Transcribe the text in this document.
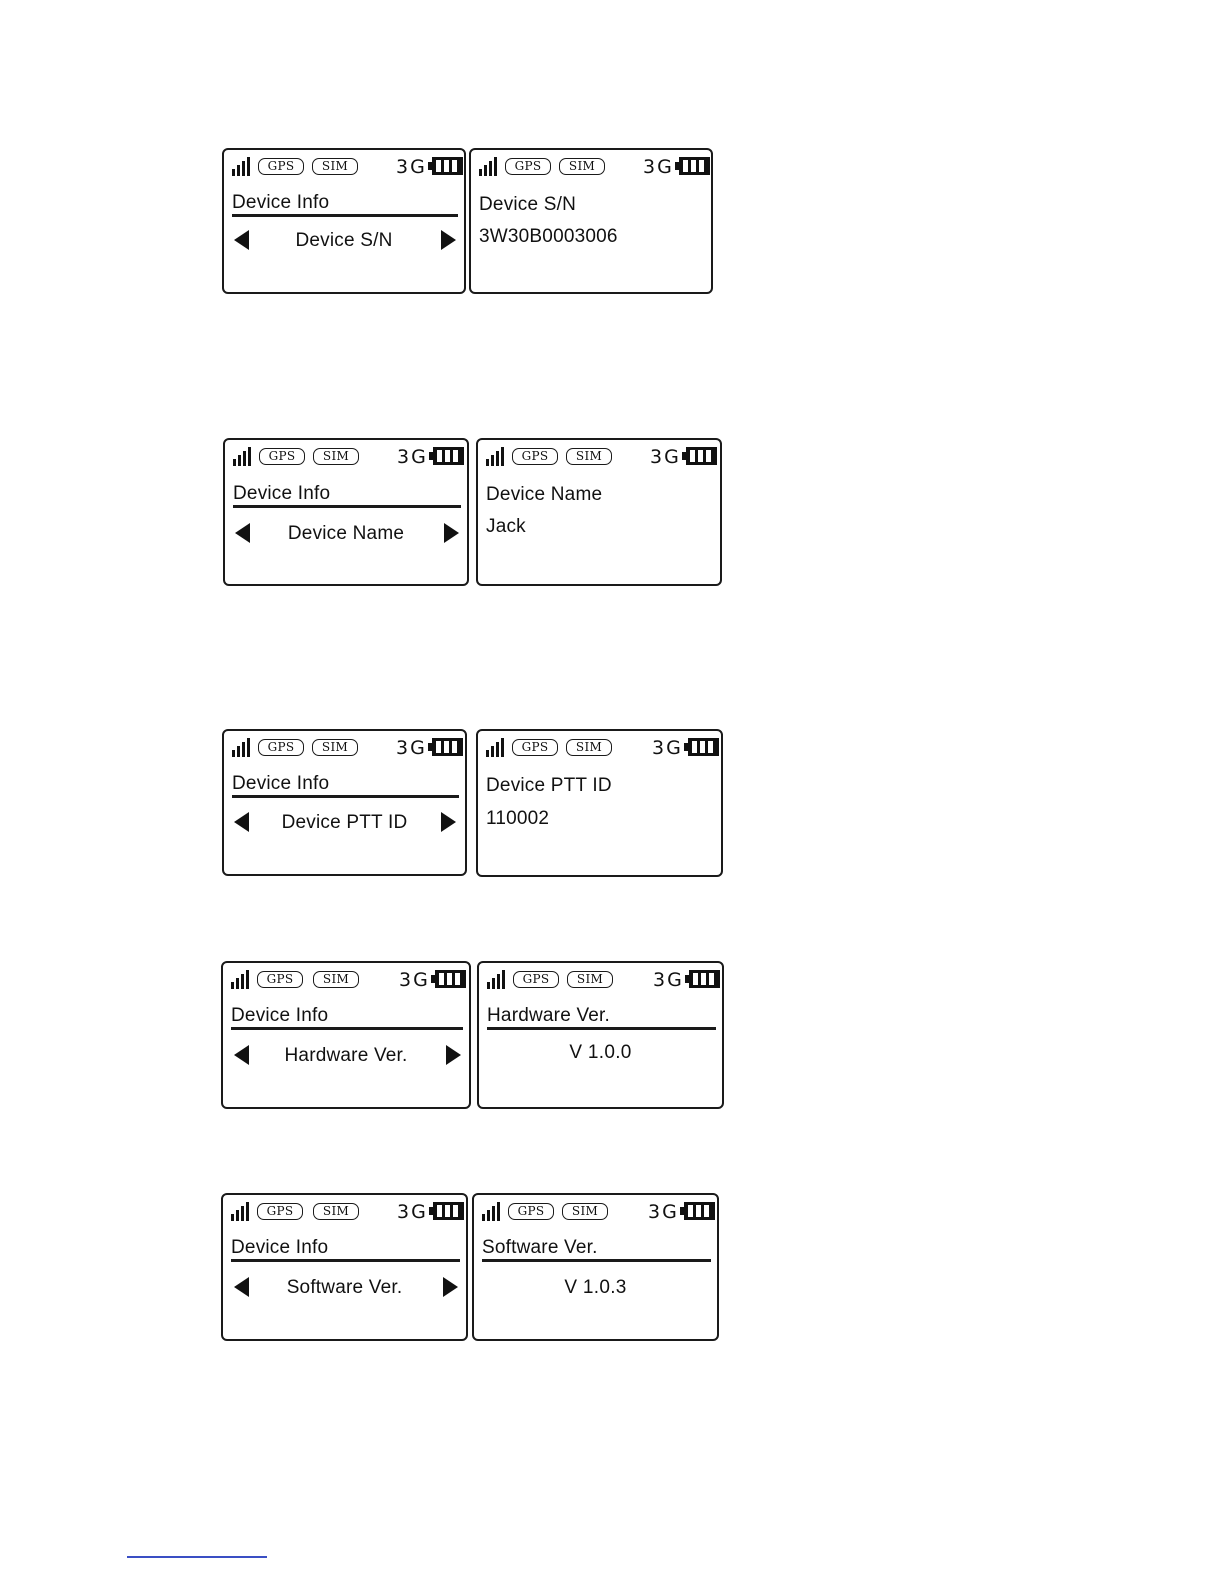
GPS	SIM	3G
Device Info
Device S/N
GPS	SIM	3G
Device S/N
3W30B0003006
GPS	SIM	3G
Device Info
Device Name
GPS	SIM	3G
Device Name
Jack
GPS	SIM	3G
Device Info
Device PTT ID
GPS	SIM	3G
Device PTT ID
110002
GPS	SIM	3G
Device Info
Hardware Ver.
GPS	SIM	3G
Hardware Ver.
V 1.0.0
GPS	SIM	3G
Device Info
Software Ver.
GPS	SIM	3G
Software Ver.
V 1.0.3
